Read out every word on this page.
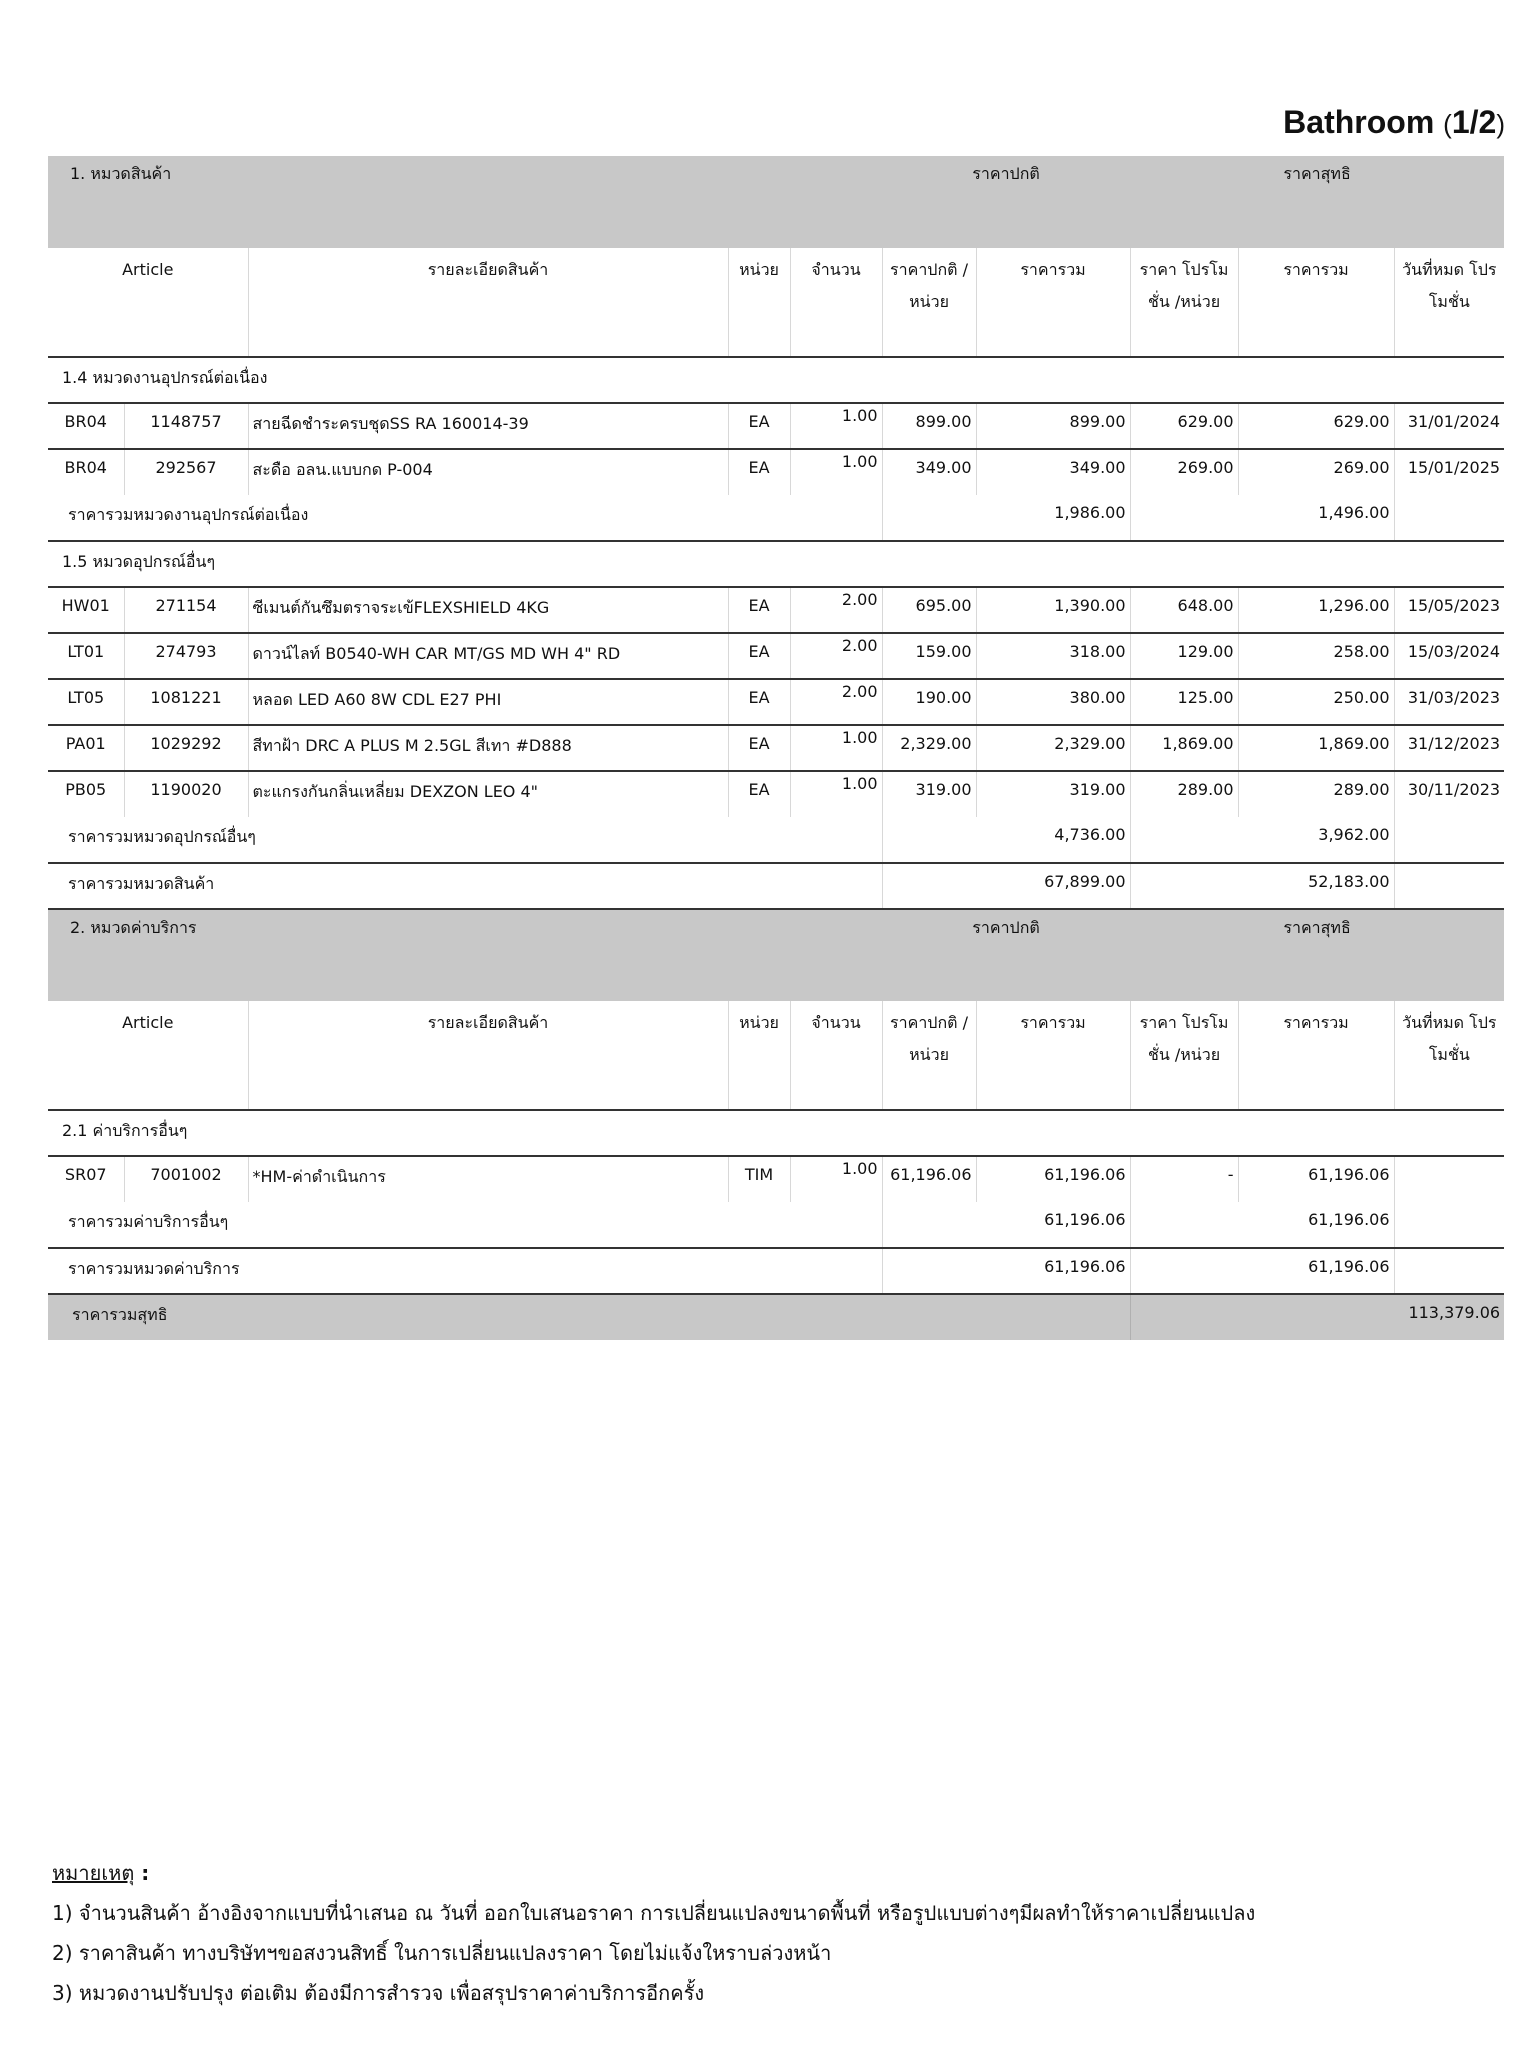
Bathroom (1/2)
1. หมวดสินค้า					ราคาปกติ		ราคาสุทธิ		
Article		รายละเอียดสินค้า	หน่วย	จำนวน	ราคาปกติ /หน่วย	ราคารวม	ราคา โปรโมชั่น /หน่วย	ราคารวม	วันที่หมด โปรโมชั่น
1.4 หมวดงานอุปกรณ์ต่อเนื่อง									
BR04	1148757	สายฉีดชำระครบชุดSS RA 160014-39	EA	1.00	899.00	899.00	629.00	629.00	31/01/2024
BR04	292567	สะดือ อลน.แบบกด P-004	EA	1.00	349.00	349.00	269.00	269.00	15/01/2025
ราคารวมหมวดงานอุปกรณ์ต่อเนื่อง					1,986.00		1,496.00		
1.5 หมวดอุปกรณ์อื่นๆ									
HW01	271154	ซีเมนต์กันซึมตราจระเข้FLEXSHIELD 4KG	EA	2.00	695.00	1,390.00	648.00	1,296.00	15/05/2023
LT01	274793	ดาวน์ไลท์ B0540-WH CAR MT/GS MD WH 4" RD	EA	2.00	159.00	318.00	129.00	258.00	15/03/2024
LT05	1081221	หลอด LED A60 8W CDL E27 PHI	EA	2.00	190.00	380.00	125.00	250.00	31/03/2023
PA01	1029292	สีทาฝ้า DRC A PLUS M 2.5GL สีเทา #D888	EA	1.00	2,329.00	2,329.00	1,869.00	1,869.00	31/12/2023
PB05	1190020	ตะแกรงกันกลิ่นเหลี่ยม DEXZON LEO 4"	EA	1.00	319.00	319.00	289.00	289.00	30/11/2023
ราคารวมหมวดอุปกรณ์อื่นๆ					4,736.00		3,962.00		
ราคารวมหมวดสินค้า					67,899.00		52,183.00		
2. หมวดค่าบริการ					ราคาปกติ		ราคาสุทธิ		
Article		รายละเอียดสินค้า	หน่วย	จำนวน	ราคาปกติ /หน่วย	ราคารวม	ราคา โปรโมชั่น /หน่วย	ราคารวม	วันที่หมด โปรโมชั่น
2.1 ค่าบริการอื่นๆ									
SR07	7001002	*HM-ค่าดำเนินการ	TIM	1.00	61,196.06	61,196.06	-	61,196.06	
ราคารวมค่าบริการอื่นๆ					61,196.06		61,196.06		
ราคารวมหมวดค่าบริการ					61,196.06		61,196.06		
ราคารวมสุทธิ							113,379.06		
หมายเหตุ :
1) จำนวนสินค้า อ้างอิงจากแบบที่นำเสนอ ณ วันที่ ออกใบเสนอราคา การเปลี่ยนแปลงขนาดพื้นที่ หรือรูปแบบต่างๆมีผลทำให้ราคาเปลี่ยนแปลง
2) ราคาสินค้า ทางบริษัทฯขอสงวนสิทธิ์ ในการเปลี่ยนแปลงราคา โดยไม่แจ้งใหราบล่วงหน้า
3) หมวดงานปรับปรุง ต่อเติม ต้องมีการสำรวจ เพื่อสรุปราคาค่าบริการอีกครั้ง
